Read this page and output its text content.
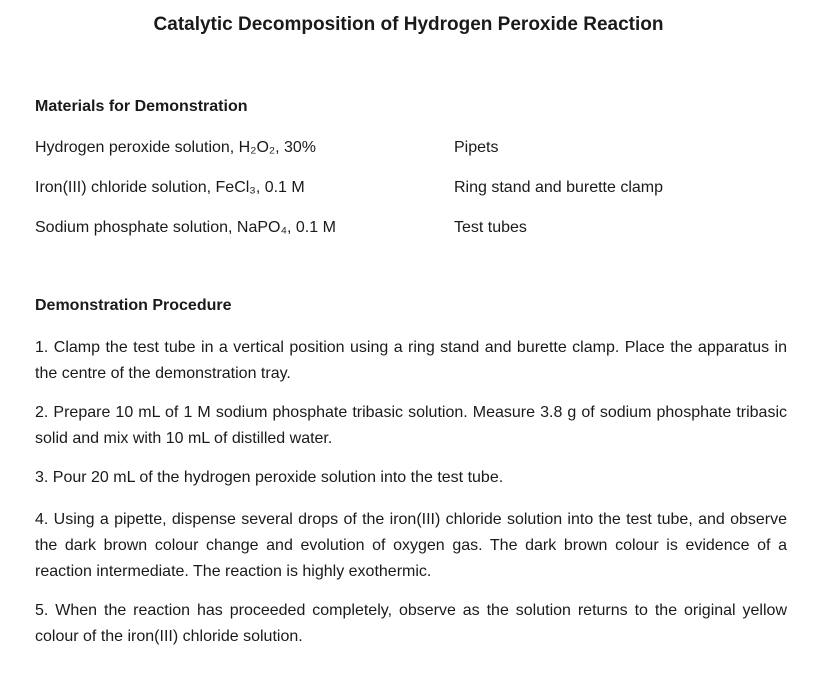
Catalytic Decomposition of Hydrogen Peroxide Reaction
Materials for Demonstration
Hydrogen peroxide solution, H₂O₂, 30%	Pipets
Iron(III) chloride solution, FeCl₃, 0.1 M	Ring stand and burette clamp
Sodium phosphate solution, NaPO₄, 0.1 M	Test tubes
Demonstration Procedure
1. Clamp the test tube in a vertical position using a ring stand and burette clamp. Place the apparatus in the centre of the demonstration tray.
2. Prepare 10 mL of 1 M sodium phosphate tribasic solution. Measure 3.8 g of sodium phosphate tribasic solid and mix with 10 mL of distilled water.
3. Pour 20 mL of the hydrogen peroxide solution into the test tube.
4. Using a pipette, dispense several drops of the iron(III) chloride solution into the test tube, and observe the dark brown colour change and evolution of oxygen gas. The dark brown colour is evidence of a reaction intermediate. The reaction is highly exothermic.
5. When the reaction has proceeded completely, observe as the solution returns to the original yellow colour of the iron(III) chloride solution.
